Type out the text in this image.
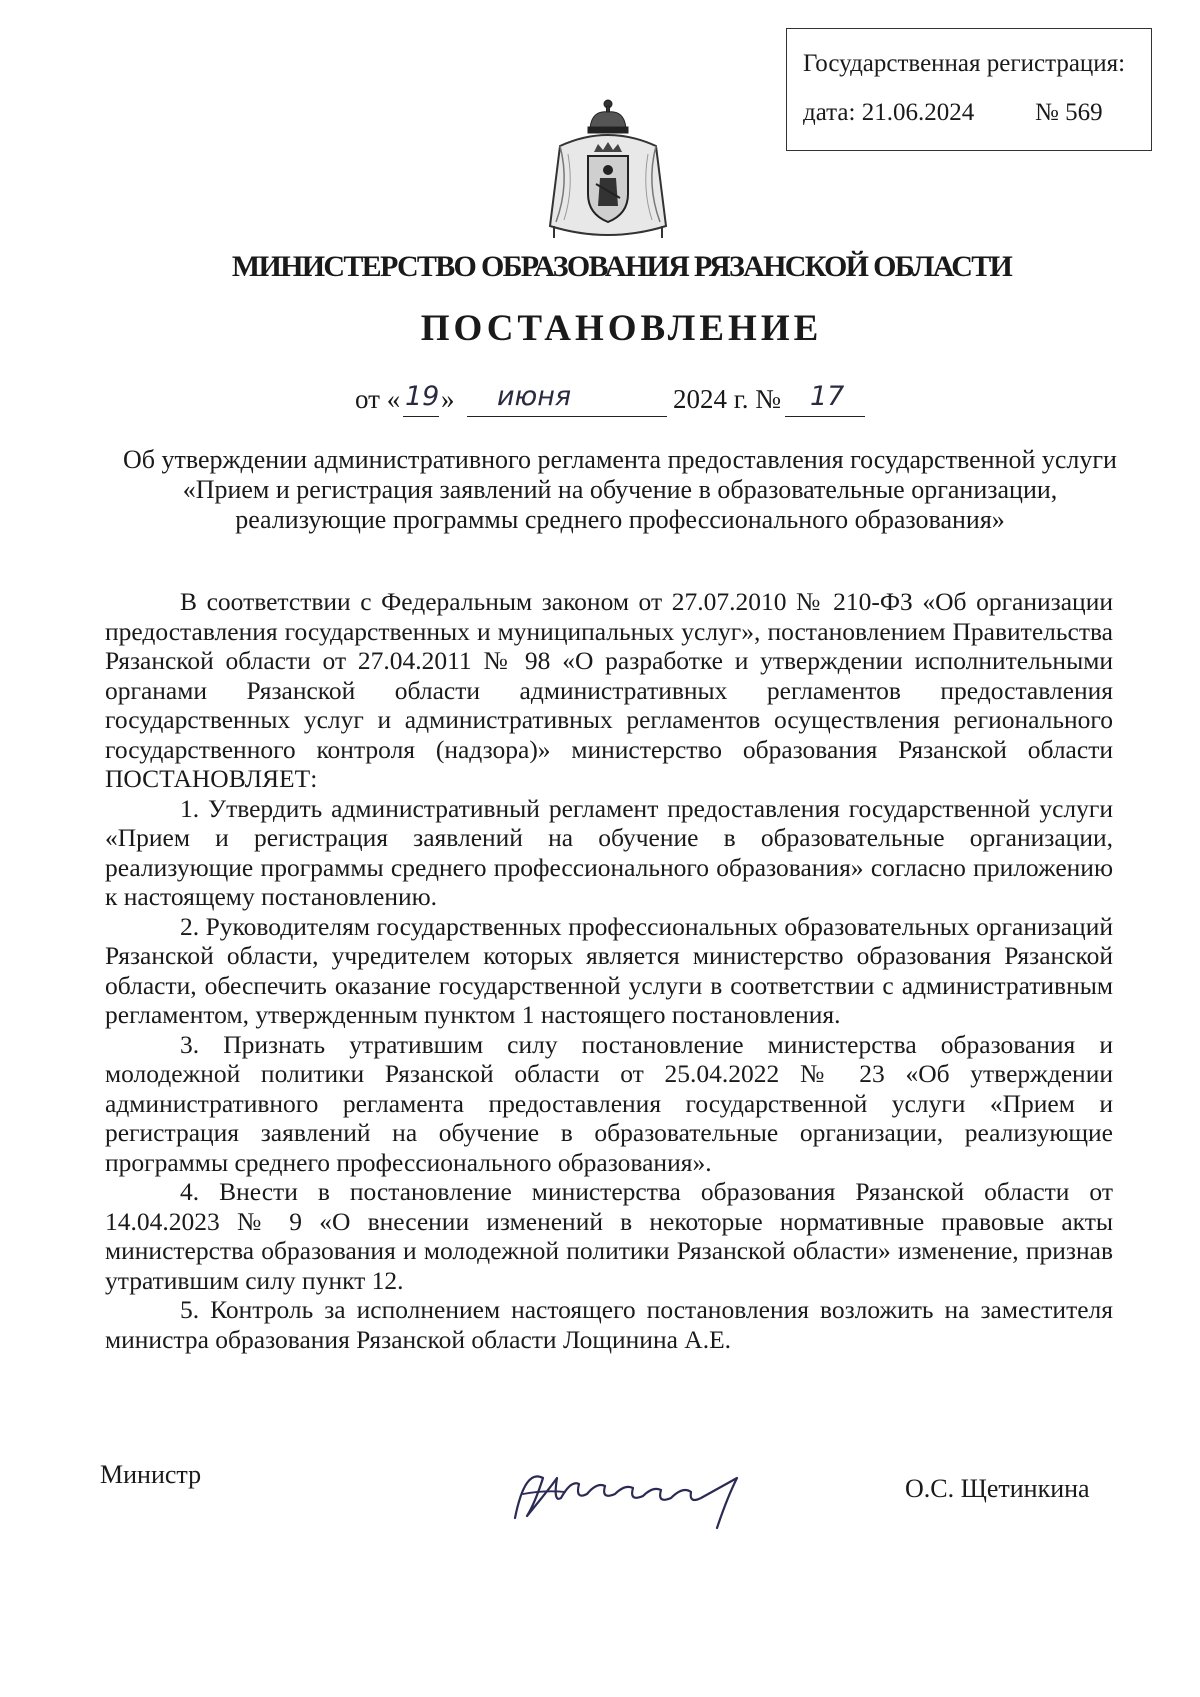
Государственная регистрация:
дата: 21.06.2024 № 569
МИНИСТЕРСТВО ОБРАЗОВАНИЯ РЯЗАНСКОЙ ОБЛАСТИ
ПОСТАНОВЛЕНИЕ
от « 19 » июня	2024 г. № 17
Об утверждении административного регламента предоставления государственной услуги «Прием и регистрация заявлений на обучение в образовательные организации, реализующие программы среднего профессионального образования»

В соответствии с Федеральным законом от 27.07.2010 № 210-ФЗ «Об организации предоставления государственных и муниципальных услуг», постановлением Правительства Рязанской области от 27.04.2011 № 98 «О разработке и утверждении исполнительными органами Рязанской области административных регламентов предоставления государственных услуг и административных регламентов осуществления регионального государственного контроля (надзора)» министерство образования Рязанской области ПОСТАНОВЛЯЕТ:

1. Утвердить административный регламент предоставления государственной услуги «Прием и регистрация заявлений на обучение в образовательные организации, реализующие программы среднего профессионального образования» согласно приложению к настоящему постановлению.

2. Руководителям государственных профессиональных образовательных организаций Рязанской области, учредителем которых является министерство образования Рязанской области, обеспечить оказание государственной услуги в соответствии с административным регламентом, утвержденным пунктом 1 настоящего постановления.

3. Признать утратившим силу постановление министерства образования и молодежной политики Рязанской области от 25.04.2022 № 23 «Об утверждении административного регламента предоставления государственной услуги «Прием и регистрация заявлений на обучение в образовательные организации, реализующие программы среднего профессионального образования».

4. Внести в постановление министерства образования Рязанской области от 14.04.2023 № 9 «О внесении изменений в некоторые нормативные правовые акты министерства образования и молодежной политики Рязанской области» изменение, признав утратившим силу пункт 12.

5. Контроль за исполнением настоящего постановления возложить на заместителя министра образования Рязанской области Лощинина А.Е.

Министр	О.С. Щетинкина
